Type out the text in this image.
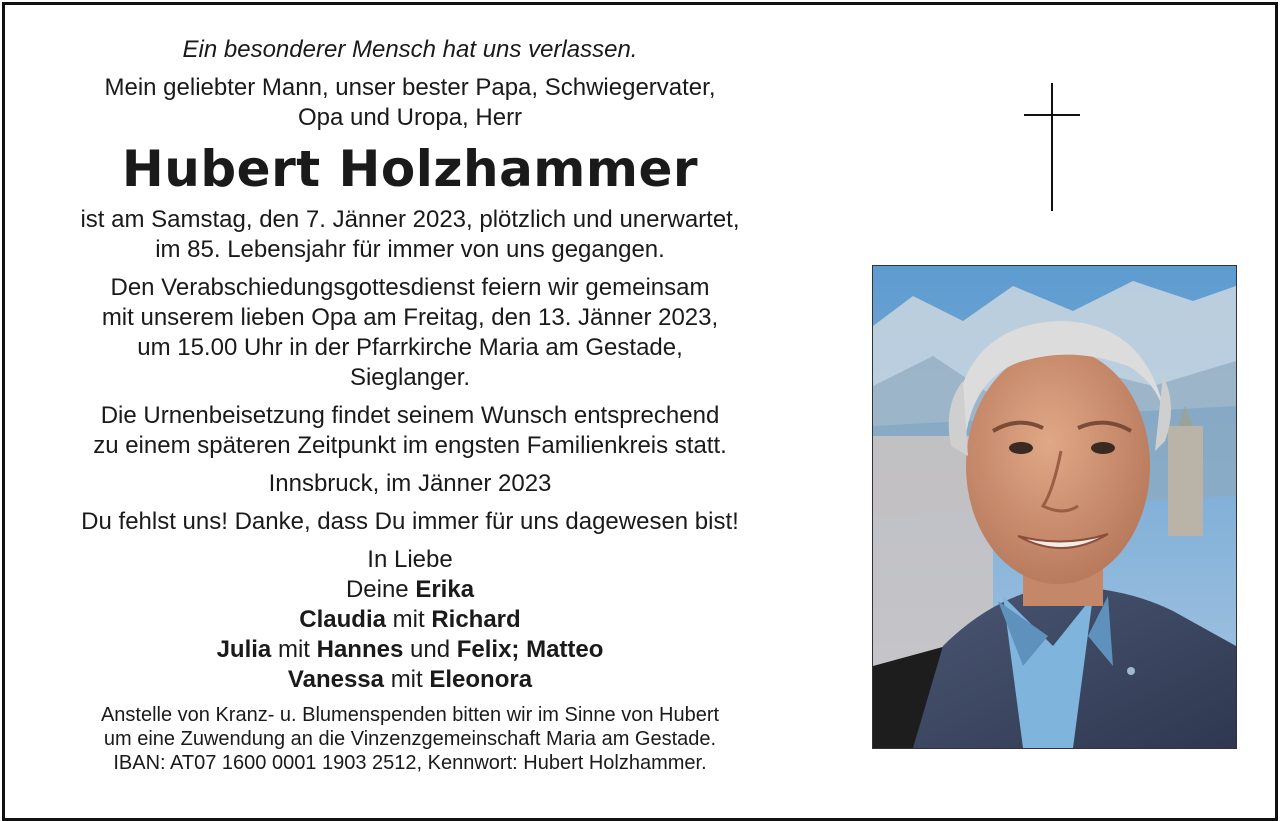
Ein besonderer Mensch hat uns verlassen.
Mein geliebter Mann, unser bester Papa, Schwiegervater,
Opa und Uropa, Herr
Hubert Holzhammer
ist am Samstag, den 7. Jänner 2023, plötzlich und unerwartet,
im 85. Lebensjahr für immer von uns gegangen.
Den Verabschiedungsgottesdienst feiern wir gemeinsam
mit unserem lieben Opa am Freitag, den 13. Jänner 2023,
um 15.00 Uhr in der Pfarrkirche Maria am Gestade,
Sieglanger.
Die Urnenbeisetzung findet seinem Wunsch entsprechend
zu einem späteren Zeitpunkt im engsten Familienkreis statt.
Innsbruck, im Jänner 2023
Du fehlst uns! Danke, dass Du immer für uns dagewesen bist!
In Liebe
Deine Erika
Claudia mit Richard
Julia mit Hannes und Felix; Matteo
Vanessa mit Eleonora
Anstelle von Kranz- u. Blumenspenden bitten wir im Sinne von Hubert
um eine Zuwendung an die Vinzenzgemeinschaft Maria am Gestade.
IBAN: AT07 1600 0001 1903 2512, Kennwort: Hubert Holzhammer.
